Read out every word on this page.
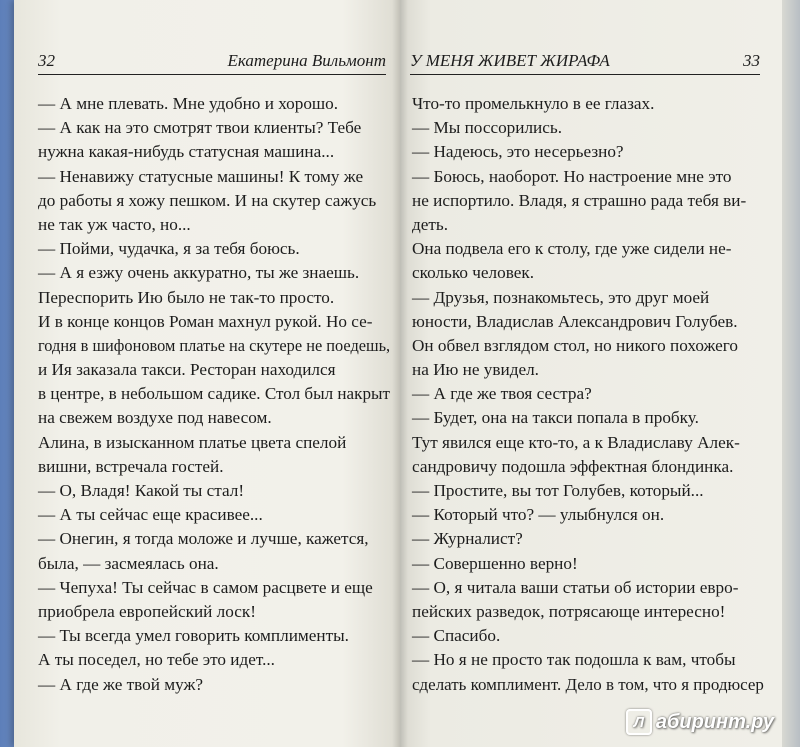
32	Екатерина Вильмонт
— А мне плевать. Мне удобно и хорошо.
— А как на это смотрят твои клиенты? Тебе
нужна какая-нибудь статусная машина...
— Ненавижу статусные машины! К тому же
до работы я хожу пешком. И на скутер сажусь
не так уж часто, но...
— Пойми, чудачка, я за тебя боюсь.
— А я езжу очень аккуратно, ты же знаешь.
Переспорить Ию было не так-то просто.
И в конце концов Роман махнул рукой. Но се-
годня в шифоновом платье на скутере не поедешь,
и Ия заказала такси. Ресторан находился
в центре, в небольшом садике. Стол был накрыт
на свежем воздухе под навесом.
Алина, в изысканном платье цвета спелой
вишни, встречала гостей.
— О, Владя! Какой ты стал!
— А ты сейчас еще красивее...
— Онегин, я тогда моложе и лучше, кажется,
была, — засмеялась она.
— Чепуха! Ты сейчас в самом расцвете и еще
приобрела европейский лоск!
— Ты всегда умел говорить комплименты.
А ты поседел, но тебе это идет...
— А где же твой муж?
У МЕНЯ ЖИВЕТ ЖИРАФА	33
Что-то промелькнуло в ее глазах.
— Мы поссорились.
— Надеюсь, это несерьезно?
— Боюсь, наоборот. Но настроение мне это
не испортило. Владя, я страшно рада тебя ви-
деть.
Она подвела его к столу, где уже сидели не-
сколько человек.
— Друзья, познакомьтесь, это друг моей
юности, Владислав Александрович Голубев.
Он обвел взглядом стол, но никого похожего
на Ию не увидел.
— А где же твоя сестра?
— Будет, она на такси попала в пробку.
Тут явился еще кто-то, а к Владиславу Алек-
сандровичу подошла эффектная блондинка.
— Простите, вы тот Голубев, который...
— Который что? — улыбнулся он.
— Журналист?
— Совершенно верно!
— О, я читала ваши статьи об истории евро-
пейских разведок, потрясающе интересно!
— Спасибо.
— Но я не просто так подошла к вам, чтобы
сделать комплимент. Дело в том, что я продюсер
Л абиринт.ру
